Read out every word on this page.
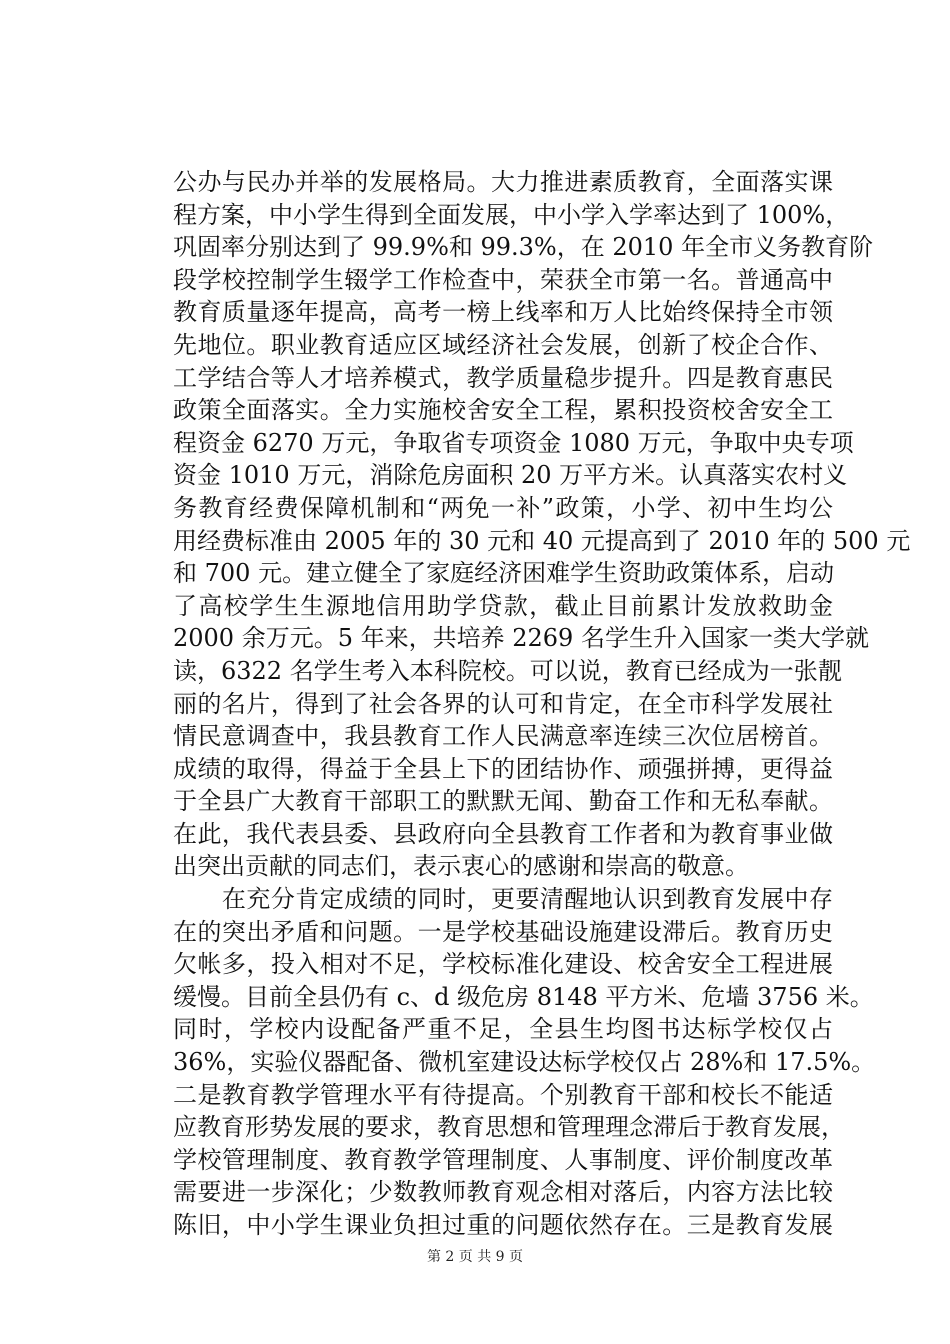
公办与民办并举的发展格局。大力推进素质教育，全面落实课
程方案，中小学生得到全面发展，中小学入学率达到了 100%，
巩固率分别达到了 99.9%和 99.3%，在 2010 年全市义务教育阶
段学校控制学生辍学工作检查中，荣获全市第一名。普通高中
教育质量逐年提高，高考一榜上线率和万人比始终保持全市领
先地位。职业教育适应区域经济社会发展，创新了校企合作、
工学结合等人才培养模式，教学质量稳步提升。四是教育惠民
政策全面落实。全力实施校舍安全工程，累积投资校舍安全工
程资金 6270 万元，争取省专项资金 1080 万元，争取中央专项
资金 1010 万元，消除危房面积 20 万平方米。认真落实农村义
务教育经费保障机制和“两免一补”政策，小学、初中生均公
用经费标准由 2005 年的 30 元和 40 元提高到了 2010 年的 500 元
和 700 元。建立健全了家庭经济困难学生资助政策体系，启动
了高校学生生源地信用助学贷款，截止目前累计发放救助金
2000 余万元。5 年来，共培养 2269 名学生升入国家一类大学就
读，6322 名学生考入本科院校。可以说，教育已经成为一张靓
丽的名片，得到了社会各界的认可和肯定，在全市科学发展社
情民意调查中，我县教育工作人民满意率连续三次位居榜首。
成绩的取得，得益于全县上下的团结协作、顽强拼搏，更得益
于全县广大教育干部职工的默默无闻、勤奋工作和无私奉献。
在此，我代表县委、县政府向全县教育工作者和为教育事业做
出突出贡献的同志们，表示衷心的感谢和崇高的敬意。
　　在充分肯定成绩的同时，更要清醒地认识到教育发展中存
在的突出矛盾和问题。一是学校基础设施建设滞后。教育历史
欠帐多，投入相对不足，学校标准化建设、校舍安全工程进展
缓慢。目前全县仍有 c、d 级危房 8148 平方米、危墙 3756 米。
同时，学校内设配备严重不足，全县生均图书达标学校仅占
36%，实验仪器配备、微机室建设达标学校仅占 28%和 17.5%。
二是教育教学管理水平有待提高。个别教育干部和校长不能适
应教育形势发展的要求，教育思想和管理理念滞后于教育发展，
学校管理制度、教育教学管理制度、人事制度、评价制度改革
需要进一步深化；少数教师教育观念相对落后，内容方法比较
陈旧，中小学生课业负担过重的问题依然存在。三是教育发展
第 2 页 共 9 页
